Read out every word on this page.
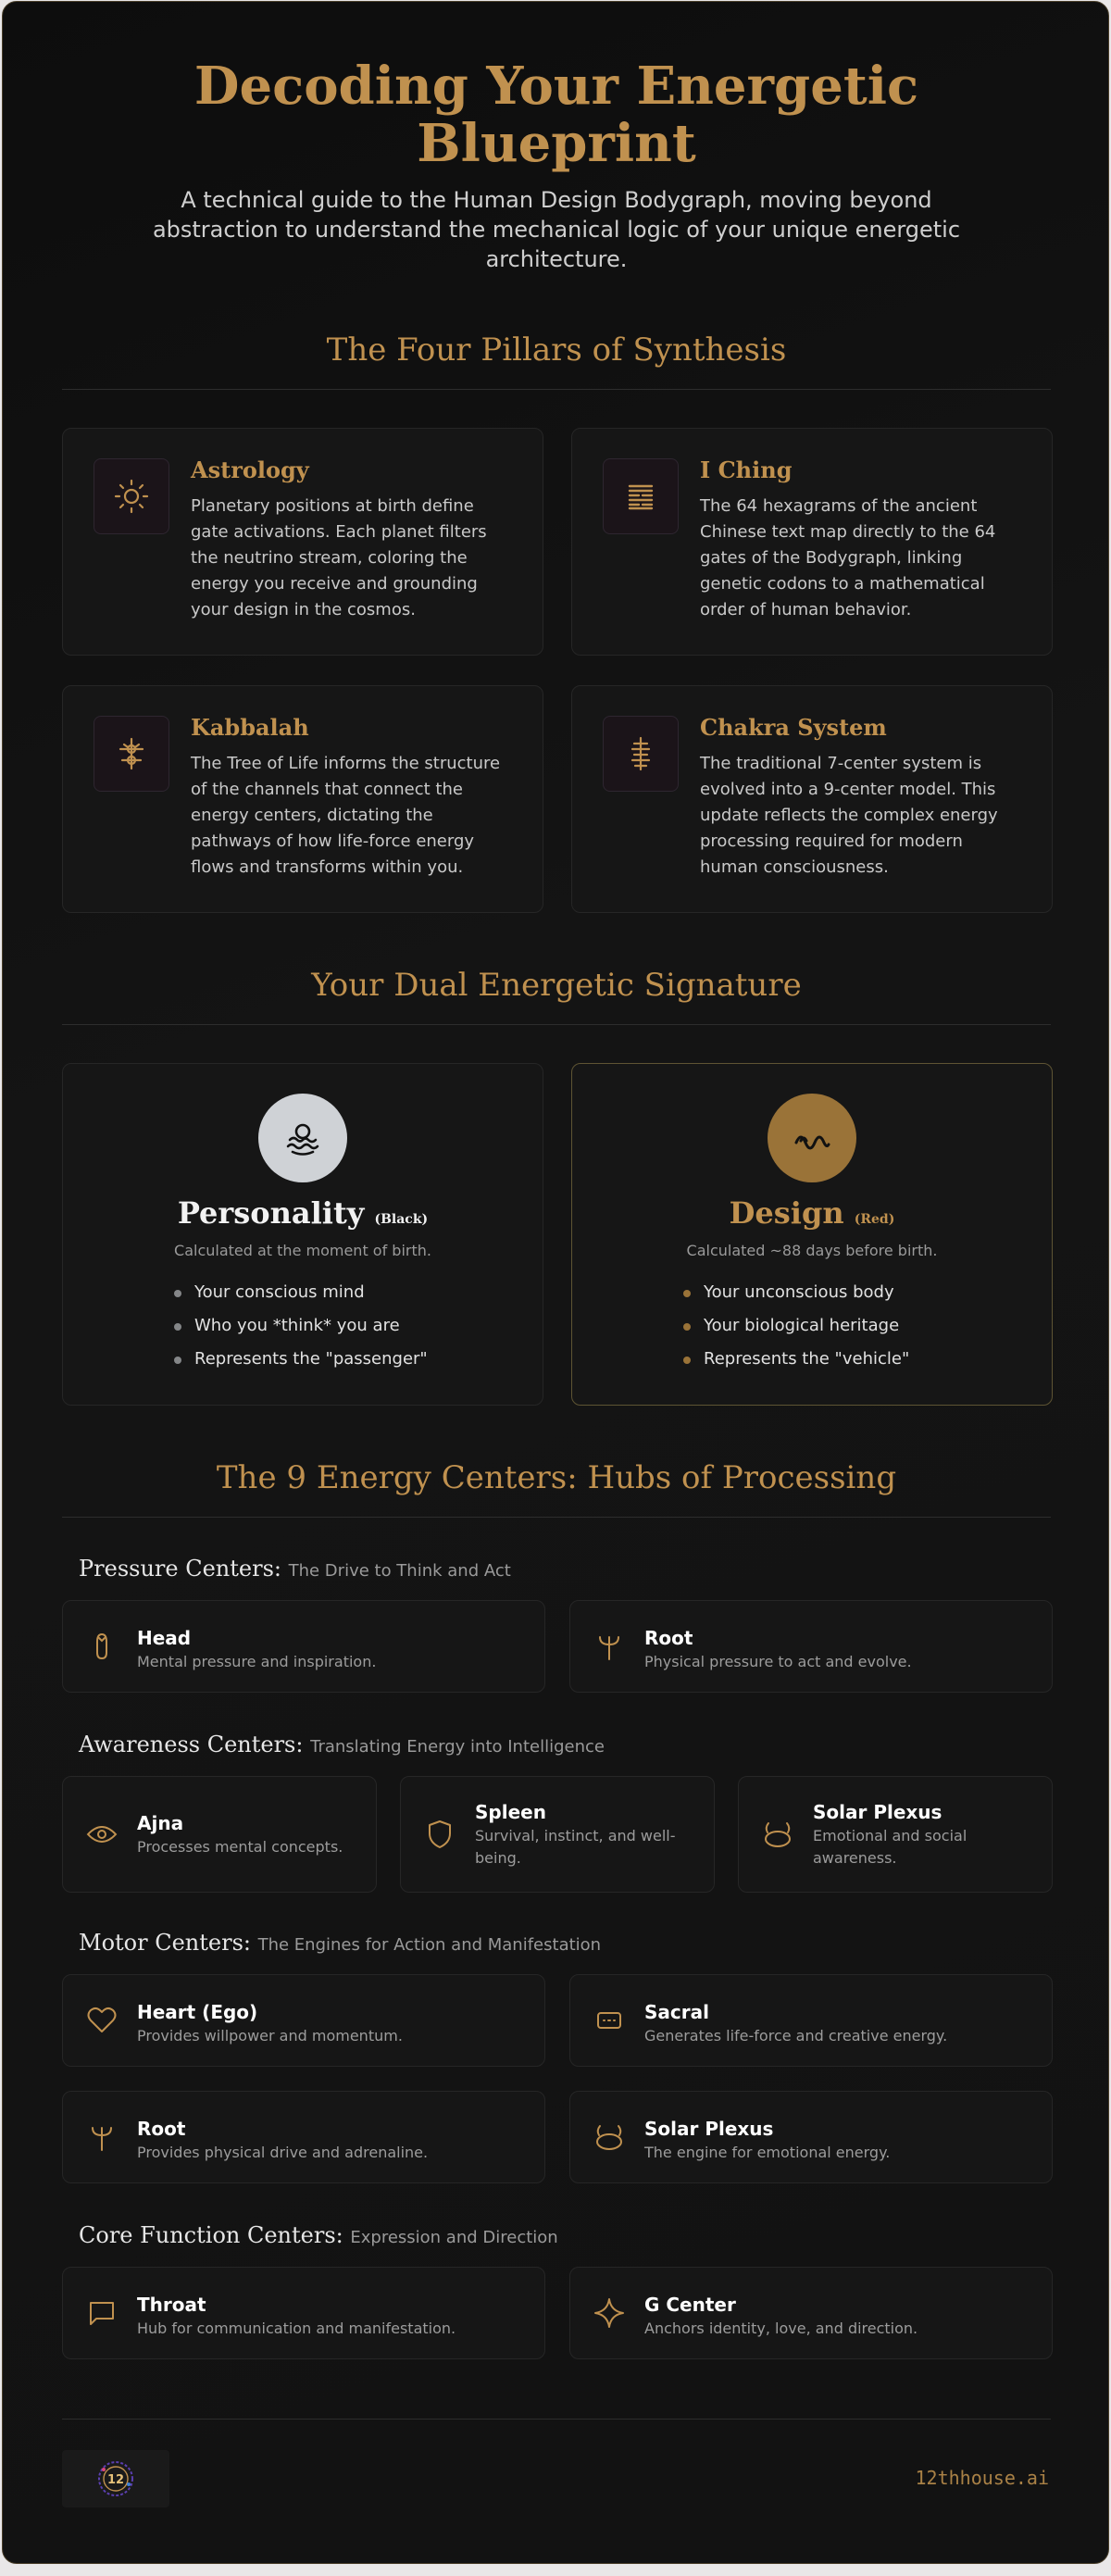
Decoding Your Energetic
Blueprint
A technical guide to the Human Design Bodygraph, moving beyond abstraction to understand the mechanical logic of your unique energetic architecture.
The Four Pillars of Synthesis
Astrology
Planetary positions at birth define gate activations. Each planet filters the neutrino stream, coloring the energy you receive and grounding your design in the cosmos.
I Ching
The 64 hexagrams of the ancient Chinese text map directly to the 64 gates of the Bodygraph, linking genetic codons to a mathematical order of human behavior.
Kabbalah
The Tree of Life informs the structure of the channels that connect the energy centers, dictating the pathways of how life-force energy flows and transforms within you.
Chakra System
The traditional 7-center system is evolved into a 9-center model. This update reflects the complex energy processing required for modern human consciousness.
Your Dual Energetic Signature
Personality (Black)
Calculated at the moment of birth.
Your conscious mind
Who you *think* you are
Represents the "passenger"
Design (Red)
Calculated ~88 days before birth.
Your unconscious body
Your biological heritage
Represents the "vehicle"
The 9 Energy Centers: Hubs of Processing
Pressure Centers: The Drive to Think and Act
Head
Mental pressure and inspiration.
Root
Physical pressure to act and evolve.
Awareness Centers: Translating Energy into Intelligence
Ajna
Processes mental concepts.
Spleen
Survival, instinct, and well-being.
Solar Plexus
Emotional and social awareness.
Motor Centers: The Engines for Action and Manifestation
Heart (Ego)
Provides willpower and momentum.
Sacral
Generates life-force and creative energy.
Root
Provides physical drive and adrenaline.
Solar Plexus
The engine for emotional energy.
Core Function Centers: Expression and Direction
Throat
Hub for communication and manifestation.
G Center
Anchors identity, love, and direction.
12	12thhouse.ai
